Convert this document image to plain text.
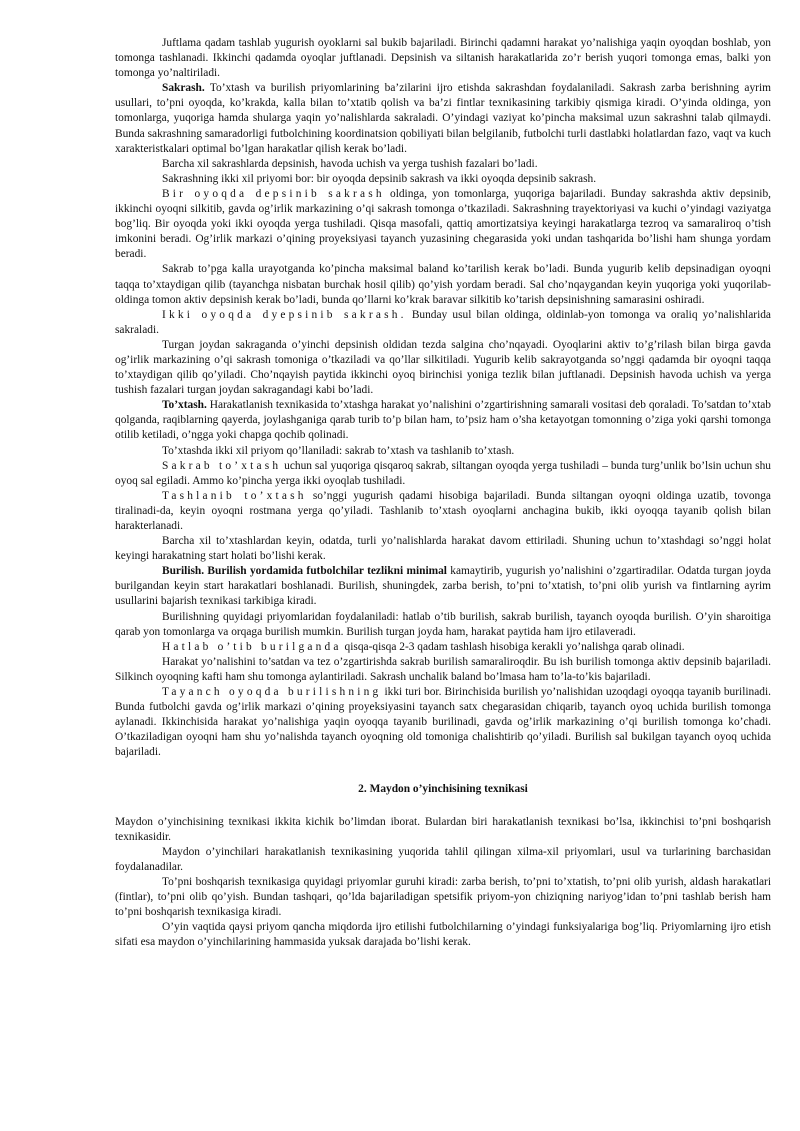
Juftlama qadam tashlab yugurish oyoklarni sal bukib bajariladi. Birinchi qadamni harakat yo’nalishiga yaqin oyoqdan boshlab, yon tomonga tashlanadi. Ikkinchi qadamda oyoqlar juftlanadi. Depsinish va siltanish harakatlarida zo’r berish yuqori tomonga emas, balki yon tomonga yo’naltiriladi.

Sakrash. To’xtash va burilish priyomlarining ba’zilarini ijro etishda sakrashdan foydalaniladi. Sakrash zarba berishning ayrim usullari, to’pni oyoqda, ko’krakda, kalla bilan to’xtatib qolish va ba’zi fintlar texnikasining tarkibiy qismiga kiradi. O’yinda oldinga, yon tomonlarga, yuqoriga hamda shularga yaqin yo’nalishlarda sakraladi. O’yindagi vaziyat ko’pincha maksimal uzun sakrashni talab qilmaydi. Bunda sakrashning samaradorligi futbolchining koordinatsion qobiliyati bilan belgilanib, futbolchi turli dastlabki holatlardan fazo, vaqt va kuch xarakteristkalari optimal bo’lgan harakatlar qilish kerak bo’ladi.

Barcha xil sakrashlarda depsinish, havoda uchish va yerga tushish fazalari bo’ladi.

Sakrashning ikki xil priyomi bor: bir oyoqda depsinib sakrash va ikki oyoqda depsinib sakrash.

Bir oyoqda depsinib sakrash oldinga, yon tomonlarga, yuqoriga bajariladi. Bunday sakrashda aktiv depsinib, ikkinchi oyoqni silkitib, gavda og’irlik markazining o’qi sakrash tomonga o’tkaziladi. Sakrashning trayektoriyasi va kuchi o’yindagi vaziyatga bog’liq. Bir oyoqda yoki ikki oyoqda yerga tushiladi. Qisqa masofali, qattiq amortizatsiya keyingi harakatlarga tezroq va samaraliroq o’tish imkonini beradi. Og’irlik markazi o’qining proyeksiyasi tayanch yuzasining chegarasida yoki undan tashqarida bo’lishi ham shunga yordam beradi.

Sakrab to’pga kalla urayotganda ko’pincha maksimal baland ko’tarilish kerak bo’ladi. Bunda yugurib kelib depsinadigan oyoqni taqqa to’xtaydigan qilib (tayanchga nisbatan burchak hosil qilib) qo’yish yordam beradi. Sal cho’nqaygandan keyin yuqoriga yoki yuqorilab-oldinga tomon aktiv depsinish kerak bo’ladi, bunda qo’llarni ko’krak baravar silkitib ko’tarish depsinishning samarasini oshiradi.

Ikki oyoqda dyepsinib sakrash. Bunday usul bilan oldinga, oldinlab-yon tomonga va oraliq yo’nalishlarida sakraladi.

Turgan joydan sakraganda o’yinchi depsinish oldidan tezda salgina cho’nqayadi. Oyoqlarini aktiv to’g’rilash bilan birga gavda og’irlik markazining o’qi sakrash tomoniga o’tkaziladi va qo’llar silkitiladi. Yugurib kelib sakrayotganda so’nggi qadamda bir oyoqni taqqa to’xtaydigan qilib qo’yiladi. Cho’nqayish paytida ikkinchi oyoq birinchisi yoniga tezlik bilan juftlanadi. Depsinish havoda uchish va yerga tushish fazalari turgan joydan sakragandagi kabi bo’ladi.

To’xtash. Harakatlanish texnikasida to’xtashga harakat yo’nalishini o’zgartirishning samarali vositasi deb qoraladi. To’satdan to’xtab qolganda, raqiblarning qayerda, joylashganiga qarab turib to’p bilan ham, to’psiz ham o’sha ketayotgan tomonning o’ziga yoki qarshi tomonga otilib ketiladi, o’ngga yoki chapga qochib qolinadi.

To’xtashda ikki xil priyom qo’llaniladi: sakrab to’xtash va tashlanib to’xtash.

Sakrab to’xtash uchun sal yuqoriga qisqaroq sakrab, siltangan oyoqda yerga tushiladi – bunda turg’unlik bo’lsin uchun shu oyoq sal egiladi. Ammo ko’pincha yerga ikki oyoqlab tushiladi.

Tashlanib to’xtash so’nggi yugurish qadami hisobiga bajariladi. Bunda siltangan oyoqni oldinga uzatib, tovonga tiralinadi-da, keyin oyoqni rostmana yerga qo’yiladi. Tashlanib to’xtash oyoqlarni anchagina bukib, ikki oyoqqa tayanib qolish bilan harakterlanadi.

Barcha xil to’xtashlardan keyin, odatda, turli yo’nalishlarda harakat davom ettiriladi. Shuning uchun to’xtashdagi so’nggi holat keyingi harakatning start holati bo’lishi kerak.

Burilish. Burilish yordamida futbolchilar tezlikni minimal kamaytirib, yugurish yo’nalishini o’zgartiradilar. Odatda turgan joyda burilgandan keyin start harakatlari boshlanadi. Burilish, shuningdek, zarba berish, to’pni to’xtatish, to’pni olib yurish va fintlarning ayrim usullarini bajarish texnikasi tarkibiga kiradi.

Burilishning quyidagi priyomlaridan foydalaniladi: hatlab o’tib burilish, sakrab burilish, tayanch oyoqda burilish. O’yin sharoitiga qarab yon tomonlarga va orqaga burilish mumkin. Burilish turgan joyda ham, harakat paytida ham ijro etilaveradi.

Hatlab o’tib burilganda qisqa-qisqa 2-3 qadam tashlash hisobiga kerakli yo’nalishga qarab olinadi.

Harakat yo’nalishini to’satdan va tez o’zgartirishda sakrab burilish samaraliroqdir. Bu ish burilish tomonga aktiv depsinib bajariladi. Silkinch oyoqning kafti ham shu tomonga aylantiriladi. Sakrash unchalik baland bo’lmasa ham to’la-to’kis bajariladi.

Tayanch oyoqda burilishning ikki turi bor. Birinchisida burilish yo’nalishidan uzoqdagi oyoqqa tayanib burilinadi. Bunda futbolchi gavda og’irlik markazi o’qining proyeksiyasini tayanch satx chegarasidan chiqarib, tayanch oyoq uchida burilish tomonga aylanadi. Ikkinchisida harakat yo’nalishiga yaqin oyoqqa tayanib burilinadi, gavda og’irlik markazining o’qi burilish tomonga ko’chadi. O’tkaziladigan oyoqni ham shu yo’nalishda tayanch oyoqning old tomoniga chalishtirib qo’yiladi. Burilish sal bukilgan tayanch oyoq uchida bajariladi.

2. Maydon o’yinchisining texnikasi

Maydon o’yinchisining texnikasi ikkita kichik bo’limdan iborat. Bulardan biri harakatlanish texnikasi bo’lsa, ikkinchisi to’pni boshqarish texnikasidir.

Maydon o’yinchilari harakatlanish texnikasining yuqorida tahlil qilingan xilma-xil priyomlari, usul va turlarining barchasidan foydalanadilar.

To’pni boshqarish texnikasiga quyidagi priyomlar guruhi kiradi: zarba berish, to’pni to’xtatish, to’pni olib yurish, aldash harakatlari (fintlar), to’pni olib qo’yish. Bundan tashqari, qo’lda bajariladigan spetsifik priyom-yon chiziqning nariyog’idan to’pni tashlab berish ham to’pni boshqarish texnikasiga kiradi.

O’yin vaqtida qaysi priyom qancha miqdorda ijro etilishi futbolchilarning o’yindagi funksiyalariga bog’liq. Priyomlarning ijro etish sifati esa maydon o’yinchilarining hammasida yuksak darajada bo’lishi kerak.
